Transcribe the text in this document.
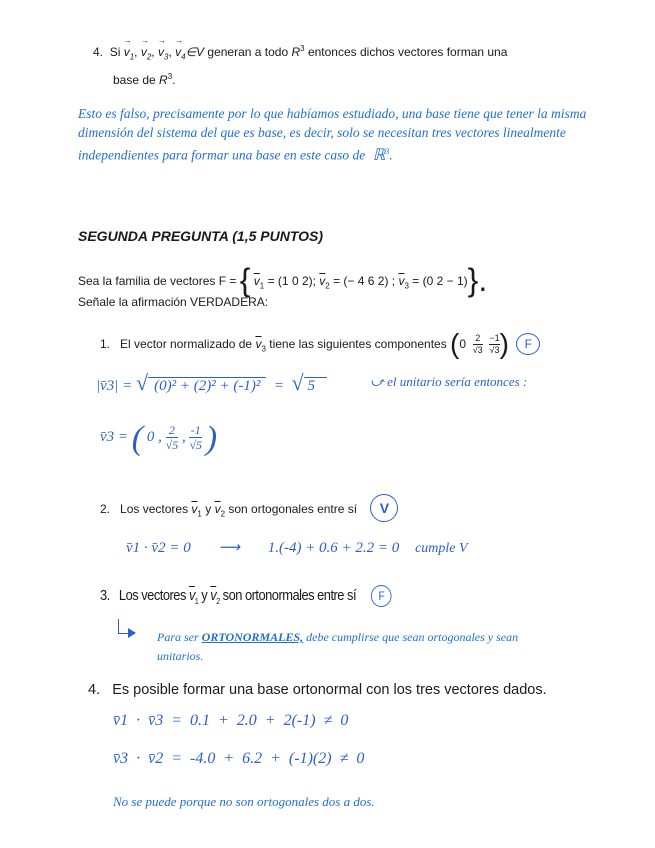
4. $Si \to v_1$, → $v_2$, → $v_3$, → $v_4\in V$ generan a todo $R^3$ entonces dichos vectores forman una
base de $R^3$.
Esto es falso, precisamente por lo que habíamos estudiado, una base tiene que tener la misma
dimensión del sistema del que es base, es decir, solo se necesitan tres vectores linealmente
independientes para formar una base en este caso de ℝ$^3$.
SEGUNDA PREGUNTA (1,5 PUNTOS)
Sea la familia de vectores F = { $\overline{v}_1 = (1$ 0 2); $\overline{v}_2$ = (− 4 6 2) ; $\overline{v}_3 = (0$ 2 − 1)}.
Señale la afirmación VERDADERA:
1. El vector normalizado de $\overline{v}_3$ tiene las siguientes componentes ($0 \frac{2}{√3}$
$\frac{-1}{√3}$ ) F
|v̄3| = √ (0)² + (2)² + (-1)² = √ 5	⤻ el unitario sería entonces :
v̄3 = ( 0 , $\frac{2}{√5}$ , $\frac{-1}{√5}$ )
2. Los vectores $\overline{v}_1$ y $\overline{v}_2$ son ortogonales entre sí V
v̄1 · v̄2 = 0 ⟶ 1.(-4) + 0.6 + 2.2 = 0 cumple V
3. Los vectores $\overline{v}_1$ y $\overline{v}_2$ son ortonormales entre sí F
Para ser ORTONORMALES, debe cumplirse que sean ortogonales y sean
unitarios.
4. Es posible formar una base ortonormal con los tres vectores dados.
v̄1 · v̄3 = 0.1 + 2.0 + 2(-1) ≠ 0
v̄3 · v̄2 = -4.0 + 6.2 + (-1)(2) ≠ 0
No se puede porque no son ortogonales dos a dos.
